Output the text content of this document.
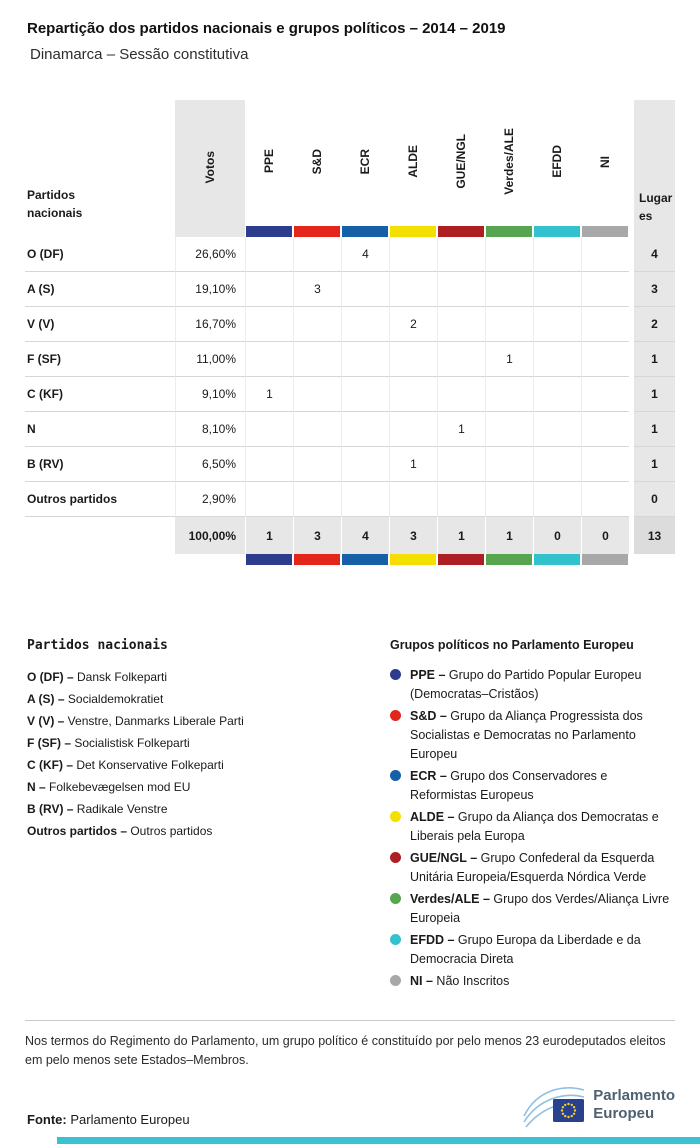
Repartição dos partidos nacionais e grupos políticos – 2014 – 2019
Dinamarca – Sessão constitutiva
Partidos nacionais	Votos	PPE	S&D	ECR	ALDE	GUE/NGL	Verdes/ALE	EFDD	NI		Lugares

O (DF)	26,60%			4							4
A (S)	19,10%		3								3
V (V)	16,70%				2						2
F (SF)	11,00%						1				1
C (KF)	9,10%	1									1
N	8,10%					1					1
B (RV)	6,50%				1						1
Outros partidos	2,90%										0
	100,00%	1	3	4	3	1	1	0	0		13

Partidos nacionais
O (DF) – Dansk Folkeparti
A (S) – Socialdemokratiet
V (V) – Venstre, Danmarks Liberale Parti
F (SF) – Socialistisk Folkeparti
C (KF) – Det Konservative Folkeparti
N – Folkebevægelsen mod EU
B (RV) – Radikale Venstre
Outros partidos – Outros partidos
Grupos políticos no Parlamento Europeu
PPE – Grupo do Partido Popular Europeu (Democratas–Cristãos)
S&D – Grupo da Aliança Progressista dos Socialistas e Democratas no Parlamento Europeu
ECR – Grupo dos Conservadores e Reformistas Europeus
ALDE – Grupo da Aliança dos Democratas e Liberais pela Europa
GUE/NGL – Grupo Confederal da Esquerda Unitária Europeia/Esquerda Nórdica Verde
Verdes/ALE – Grupo dos Verdes/Aliança Livre Europeia
EFDD – Grupo Europa da Liberdade e da Democracia Direta
NI – Não Inscritos

Nos termos do Regimento do Parlamento, um grupo político é constituído por pelo menos 23 eurodeputados eleitos em pelo menos sete Estados–Membros.

Fonte: Parlamento Europeu

Parlamento
Europeu
